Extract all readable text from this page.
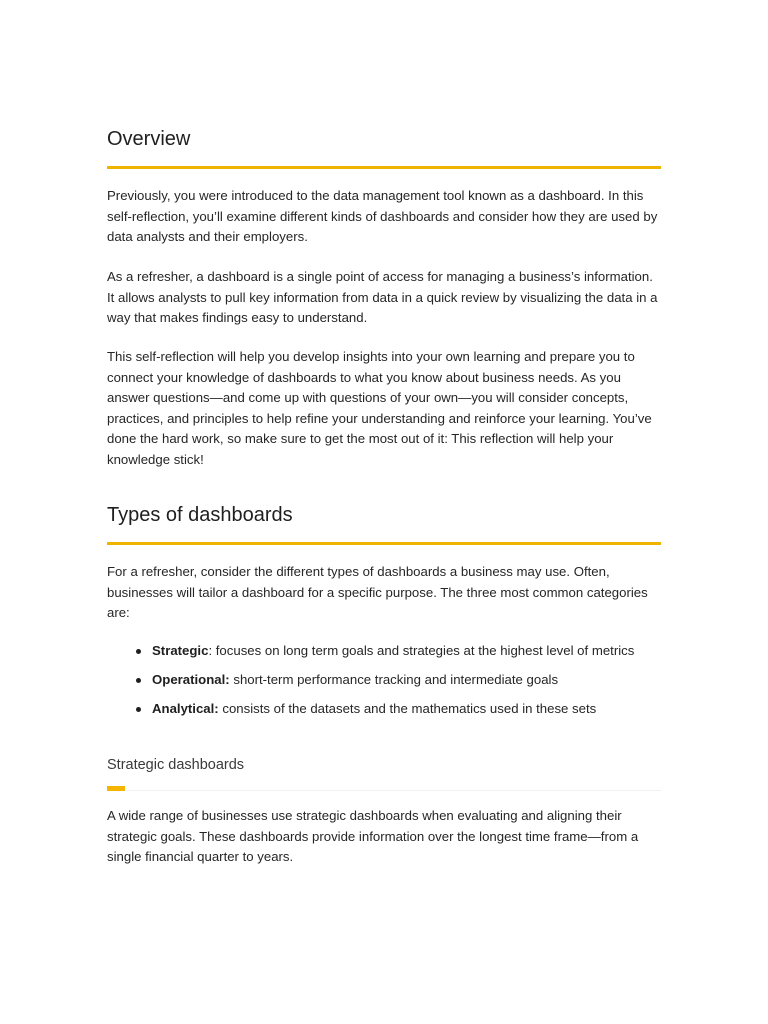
Overview

Previously, you were introduced to the data management tool known as a dashboard. In this self-reflection, you’ll examine different kinds of dashboards and consider how they are used by data analysts and their employers.

As a refresher, a dashboard is a single point of access for managing a business’s information. It allows analysts to pull key information from data in a quick review by visualizing the data in a way that makes findings easy to understand.

This self-reflection will help you develop insights into your own learning and prepare you to connect your knowledge of dashboards to what you know about business needs. As you answer questions—and come up with questions of your own—you will consider concepts, practices, and principles to help refine your understanding and reinforce your learning. You’ve done the hard work, so make sure to get the most out of it: This reflection will help your knowledge stick!

Types of dashboards

For a refresher, consider the different types of dashboards a business may use. Often, businesses will tailor a dashboard for a specific purpose. The three most common categories are:

Strategic: focuses on long term goals and strategies at the highest level of metrics
Operational: short-term performance tracking and intermediate goals
Analytical: consists of the datasets and the mathematics used in these sets
Strategic dashboards

A wide range of businesses use strategic dashboards when evaluating and aligning their strategic goals. These dashboards provide information over the longest time frame—from a single financial quarter to years.
